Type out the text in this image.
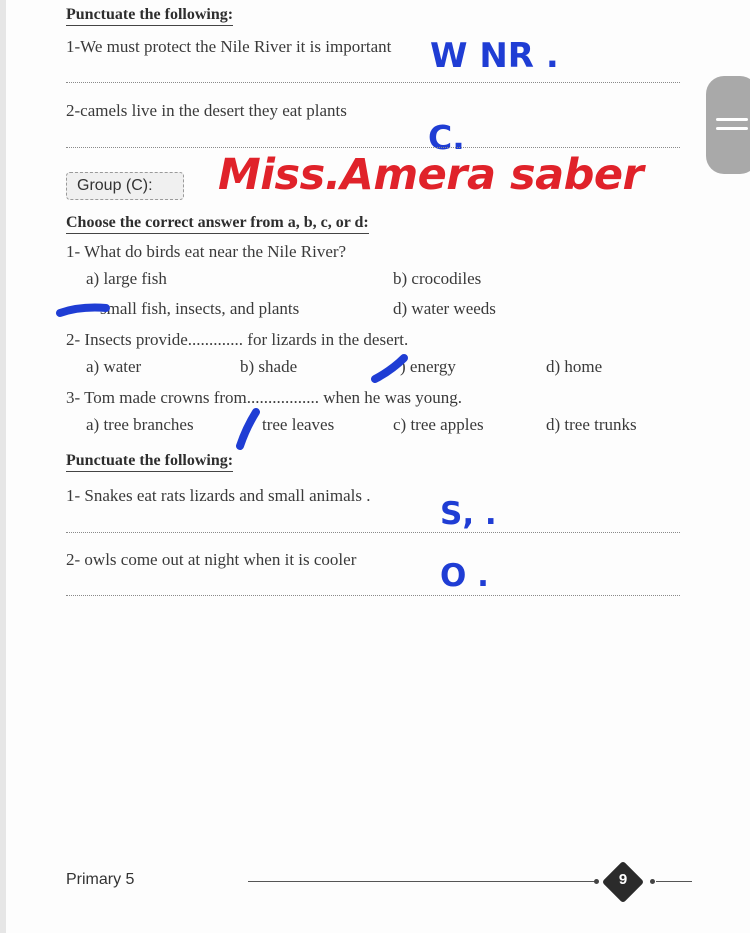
Punctuate the following:
1-We must protect the Nile River it is important W NR .
2-camels live in the desert they eat plants
C.
Group (C): Miss.Amera saber
Choose the correct answer from a, b, c, or d:
1- What do birds eat near the Nile River?
a) large fish	b) crocodiles
small fish, insects, and plants	d) water weeds
2- Insects provide............. for lizards in the desert.
a) water	b) shade	) energy	d) home
3- Tom made crowns from................. when he was young.
a) tree branches	tree leaves	c) tree apples	d) tree trunks
Punctuate the following:
1- Snakes eat rats lizards and small animals .
S, .
2- owls come out at night when it is cooler	O .
Primary 5	9
